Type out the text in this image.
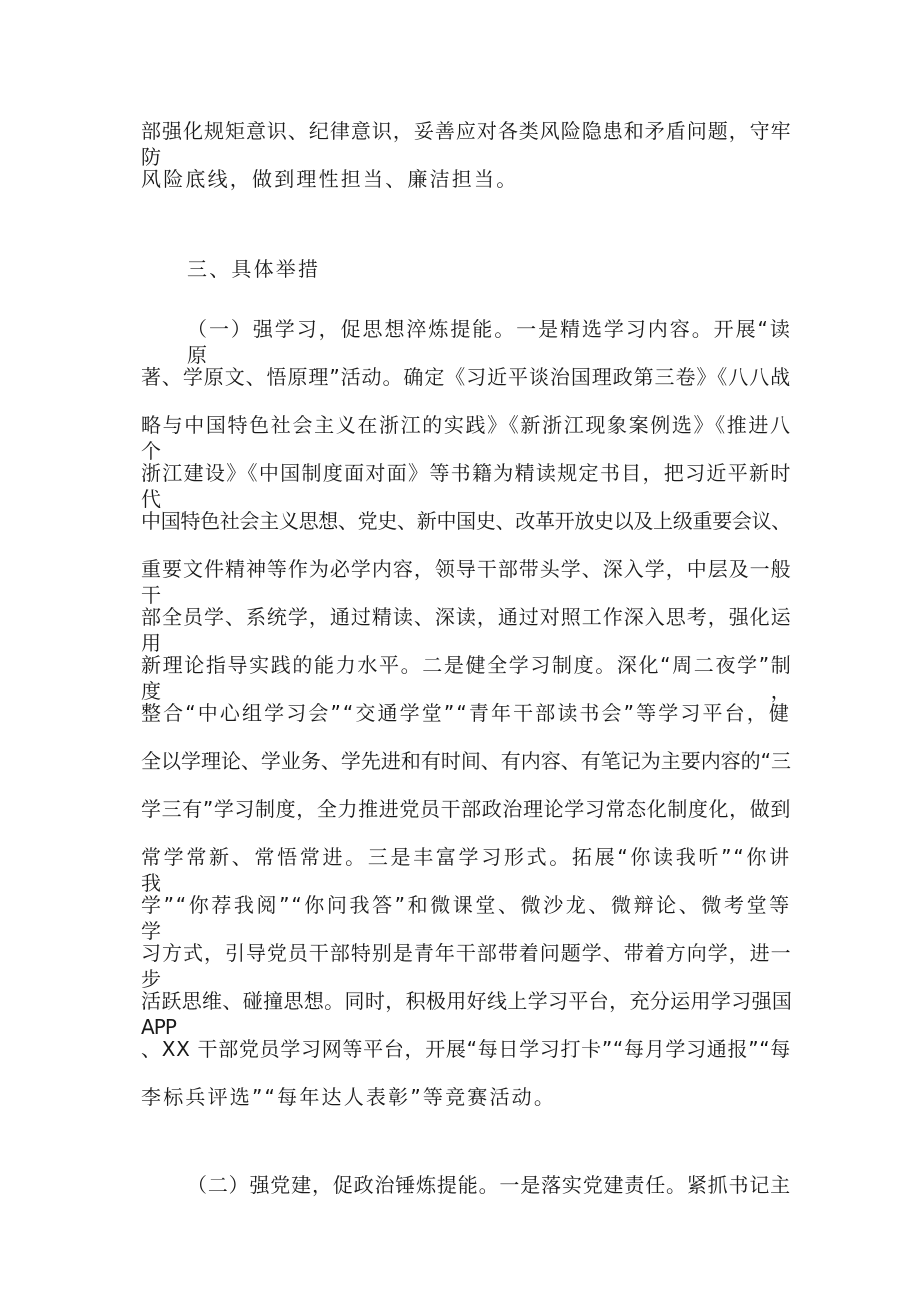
部强化规矩意识、纪律意识，妥善应对各类风险隐患和矛盾问题，守牢防
风险底线，做到理性担当、廉洁担当。
三、具体举措
（一）强学习，促思想淬炼提能。一是精选学习内容。开展“读原
著、学原文、悟原理”活动。确定《习近平谈治国理政第三卷》《八八战
略与中国特色社会主义在浙江的实践》《新浙江现象案例选》《推进八个
浙江建设》《中国制度面对面》等书籍为精读规定书目，把习近平新时代
中国特色社会主义思想、党史、新中国史、改革开放史以及上级重要会议、
重要文件精神等作为必学内容，领导干部带头学、深入学，中层及一般干
部全员学、系统学，通过精读、深读，通过对照工作深入思考，强化运用
新理论指导实践的能力水平。二是健全学习制度。深化“周二夜学”制度，
整合“中心组学习会”“交通学堂”“青年干部读书会”等学习平台，健
全以学理论、学业务、学先进和有时间、有内容、有笔记为主要内容的“三
学三有”学习制度，全力推进党员干部政治理论学习常态化制度化，做到
常学常新、常悟常进。三是丰富学习形式。拓展“你读我听”“你讲我
学”“你荐我阅”“你问我答”和微课堂、微沙龙、微辩论、微考堂等学
习方式，引导党员干部特别是青年干部带着问题学、带着方向学，进一步
活跃思维、碰撞思想。同时，积极用好线上学习平台，充分运用学习强国 APP
、XX 干部党员学习网等平台，开展“每日学习打卡”“每月学习通报”“每
李标兵评选”“每年达人表彰”等竞赛活动。
（二）强党建，促政治锤炼提能。一是落实党建责任。紧抓书记主
